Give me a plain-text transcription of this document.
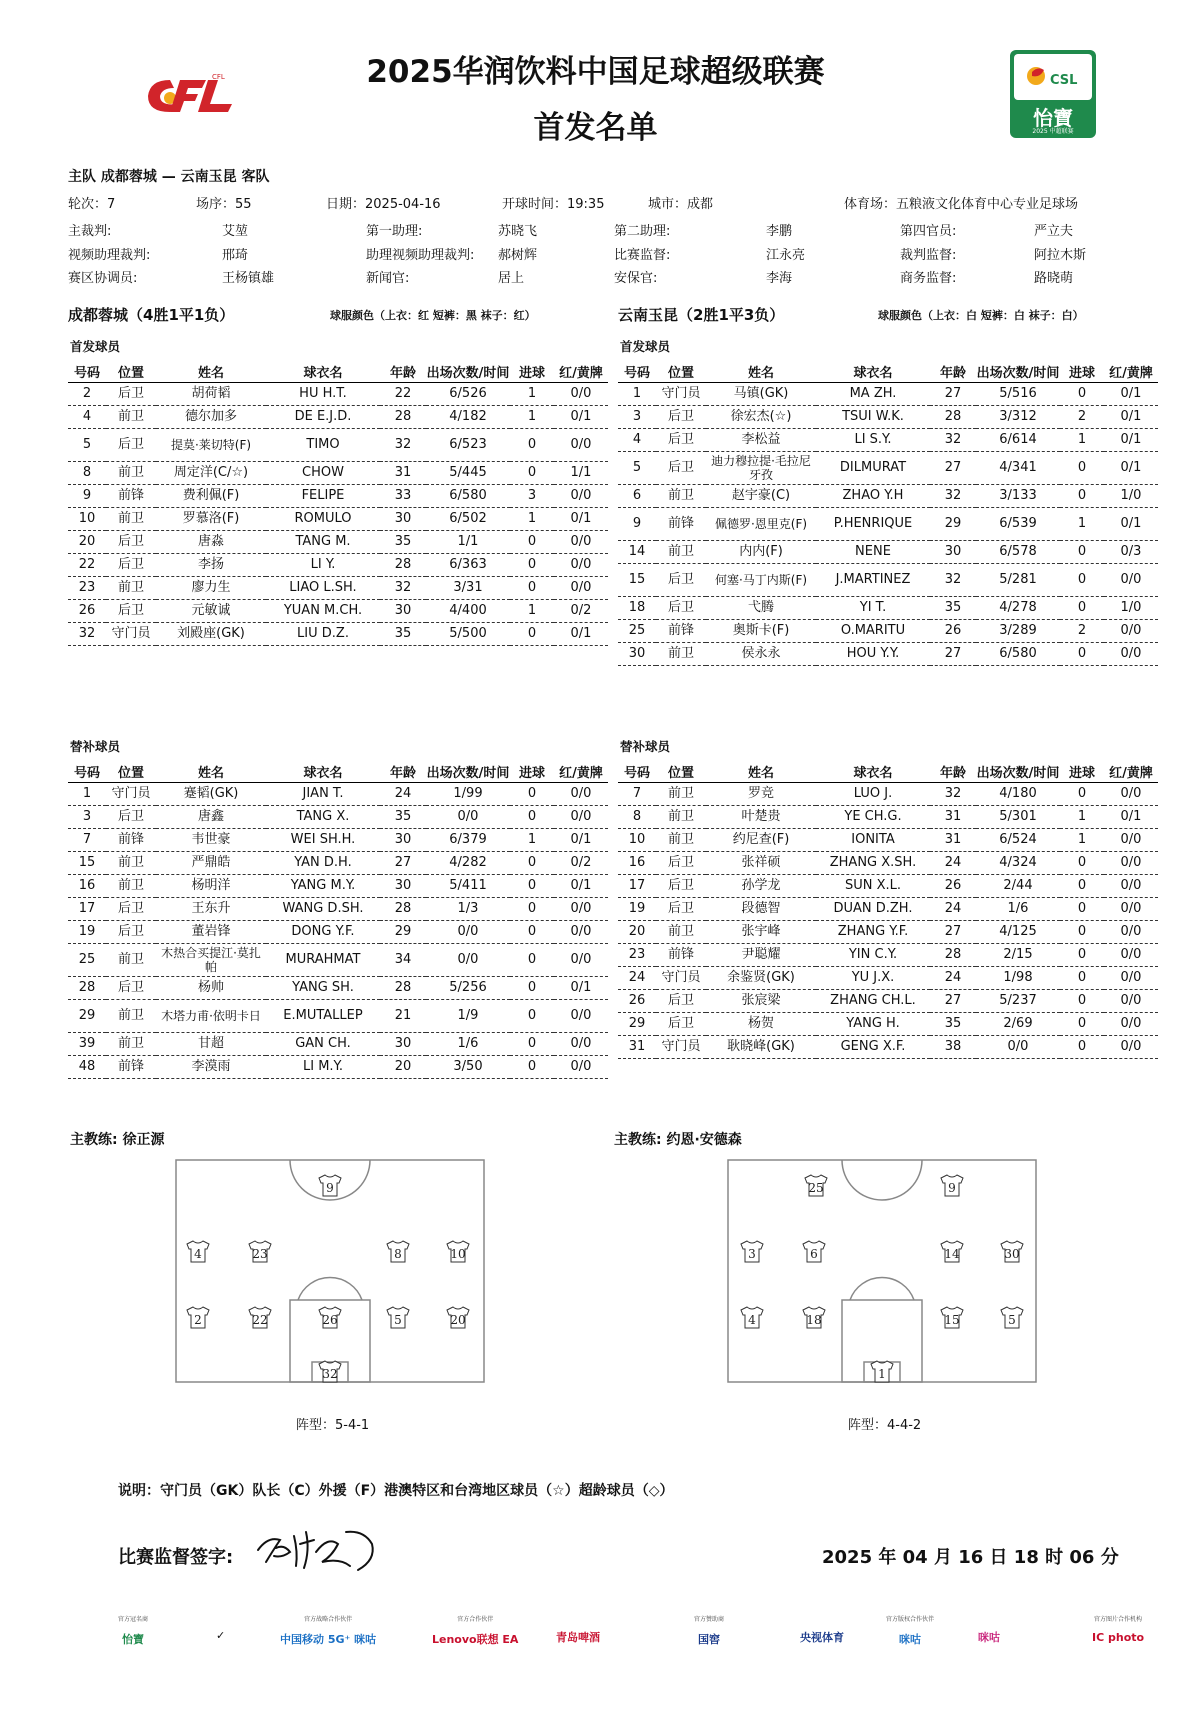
CFL	2025华润饮料中国足球超级联赛
首发名单
CSL
怡寶
2025 中超联赛
主队 成都蓉城 — 云南玉昆 客队
轮次：7	场序：55	日期：2025-04-16	开球时间：19:35	城市：成都	体育场：五粮液文化体育中心专业足球场
主裁判:	艾堃	第一助理:	苏晓飞	第二助理:	李鹏	第四官员:	严立夫
视频助理裁判:	邢琦	助理视频助理裁判: 郝树辉	比赛监督:	江永亮	裁判监督:	阿拉木斯
赛区协调员:	王杨镇雄	新闻官:	居上	安保官:	李海	商务监督:	路晓萌
成都蓉城（4胜1平1负）	球服颜色（上衣：红 短裤：黑 袜子：红）	云南玉昆（2胜1平3负）	球服颜色（上衣：白 短裤：白 袜子：白）
首发球员	首发球员
替补球员	替补球员
号码	位置	姓名	球衣名	年龄	出场次数/时间	进球	红/黄牌
2	后卫	胡荷韬	HU H.T.	22	6/526	1	0/0
4	前卫	德尔加多	DE E.J.D.	28	4/182	1	0/1
5	后卫	提莫·莱切特(F)	TIMO	32	6/523	0	0/0
8	前卫	周定洋(C/☆)	CHOW	31	5/445	0	1/1
9	前锋	费利佩(F)	FELIPE	33	6/580	3	0/0
10	前卫	罗慕洛(F)	ROMULO	30	6/502	1	0/1
20	后卫	唐淼	TANG M.	35	1/1	0	0/0
22	后卫	李扬	LI Y.	28	6/363	0	0/0
23	前卫	廖力生	LIAO L.SH.	32	3/31	0	0/0
26	后卫	元敏诚	YUAN M.CH.	30	4/400	1	0/2
32	守门员	刘殿座(GK)	LIU D.Z.	35	5/500	0	0/1
号码	位置	姓名	球衣名	年龄	出场次数/时间	进球	红/黄牌
1	守门员	马镇(GK)	MA ZH.	27	5/516	0	0/1
3	后卫	徐宏杰(☆)	TSUI W.K.	28	3/312	2	0/1
4	后卫	李松益	LI S.Y.	32	6/614	1	0/1
5	后卫	迪力穆拉提·毛拉尼牙孜	DILMURAT	27	4/341	0	0/1
6	前卫	赵宇豪(C)	ZHAO Y.H	32	3/133	0	1/0
9	前锋	佩德罗·恩里克(F)	P.HENRIQUE	29	6/539	1	0/1
14	前卫	内内(F)	NENE	30	6/578	0	0/3
15	后卫	何塞·马丁内斯(F)	J.MARTINEZ	32	5/281	0	0/0
18	后卫	弋腾	YI T.	35	4/278	0	1/0
25	前锋	奥斯卡(F)	O.MARITU	26	3/289	2	0/0
30	前卫	侯永永	HOU Y.Y.	27	6/580	0	0/0
号码	位置	姓名	球衣名	年龄	出场次数/时间	进球	红/黄牌
1	守门员	蹇韬(GK)	JIAN T.	24	1/99	0	0/0
3	后卫	唐鑫	TANG X.	35	0/0	0	0/0
7	前锋	韦世豪	WEI SH.H.	30	6/379	1	0/1
15	前卫	严鼎皓	YAN D.H.	27	4/282	0	0/2
16	前卫	杨明洋	YANG M.Y.	30	5/411	0	0/1
17	后卫	王东升	WANG D.SH.	28	1/3	0	0/0
19	后卫	董岩锋	DONG Y.F.	29	0/0	0	0/0
25	前卫	木热合买提江·莫扎帕	MURAHMAT	34	0/0	0	0/0
28	后卫	杨帅	YANG SH.	28	5/256	0	0/1
29	前卫	木塔力甫·依明卡日	E.MUTALLEP	21	1/9	0	0/0
39	前卫	甘超	GAN CH.	30	1/6	0	0/0
48	前锋	李漠雨	LI M.Y.	20	3/50	0	0/0
号码	位置	姓名	球衣名	年龄	出场次数/时间	进球	红/黄牌
7	前卫	罗竞	LUO J.	32	4/180	0	0/0
8	前卫	叶楚贵	YE CH.G.	31	5/301	1	0/1
10	前卫	约尼查(F)	IONITA	31	6/524	1	0/0
16	后卫	张祥硕	ZHANG X.SH.	24	4/324	0	0/0
17	后卫	孙学龙	SUN X.L.	26	2/44	0	0/0
19	后卫	段德智	DUAN D.ZH.	24	1/6	0	0/0
20	前卫	张宇峰	ZHANG Y.F.	27	4/125	0	0/0
23	前锋	尹聪耀	YIN C.Y.	28	2/15	0	0/0
24	守门员	余鉴贤(GK)	YU J.X.	24	1/98	0	0/0
26	后卫	张宸梁	ZHANG CH.L.	27	5/237	0	0/0
29	后卫	杨贺	YANG H.	35	2/69	0	0/0
31	守门员	耿晓峰(GK)	GENG X.F.	38	0/0	0	0/0
主教练: 徐正源	主教练: 约恩·安德森
9
4	23	8	10
2	22	26	5	20
32
25	9
3	6	14	30
4	18	15	5
1
阵型：5-4-1	阵型：4-4-2
说明：守门员（GK）队长（C）外援（F）港澳特区和台湾地区球员（☆）超龄球员（◇）
比赛监督签字:	2025 年 04 月 16 日 18 时 06 分
官方冠名商
怡寶
	✓
官方战略合作伙伴
中国移动 5G⁺ 咪咕
官方合作伙伴
Lenovo联想 EA
	青岛啤酒
官方赞助商
国窖
	央视体育
官方版权合作伙伴
咪咕
	咪咕
官方图片合作机构
IC photo
